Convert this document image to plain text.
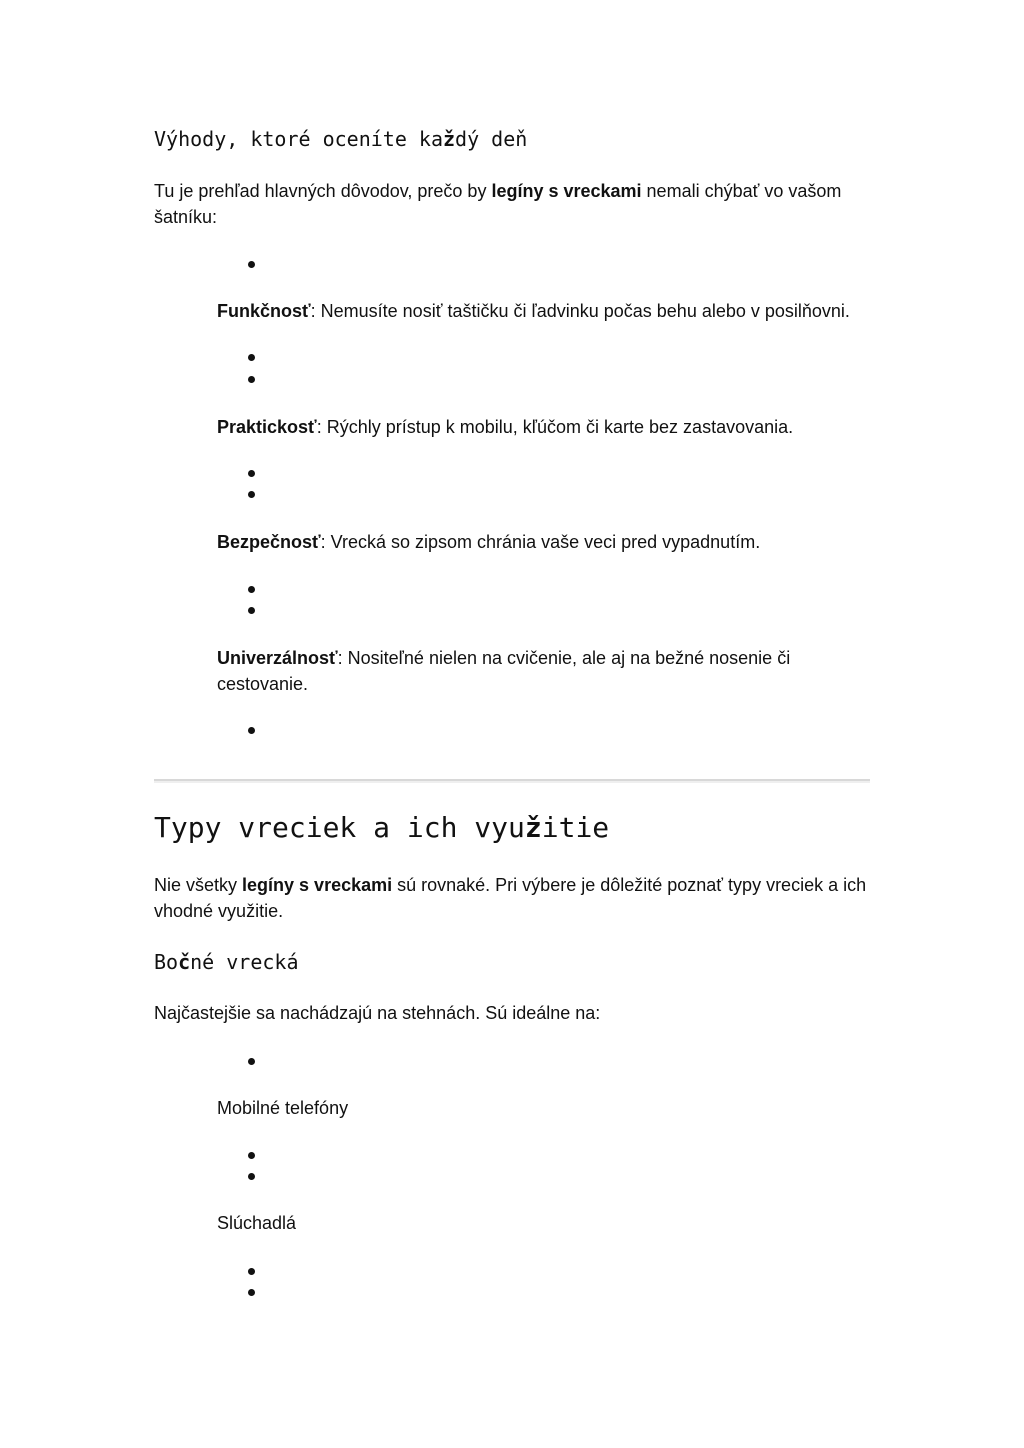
Výhody, ktoré oceníte každý deň

Tu je prehľad hlavných dôvodov, prečo by legíny s vreckami nemali chýbať vo vašom šatníku:

Funkčnosť: Nemusíte nosiť taštičku či ľadvinku počas behu alebo v posilňovni.

Praktickosť: Rýchly prístup k mobilu, kľúčom či karte bez zastavovania.

Bezpečnosť: Vrecká so zipsom chránia vaše veci pred vypadnutím.

Univerzálnosť: Nositeľné nielen na cvičenie, ale aj na bežné nosenie či cestovanie.

Typy vreciek a ich využitie

Nie všetky legíny s vreckami sú rovnaké. Pri výbere je dôležité poznať typy vreciek a ich vhodné využitie.

Bočné vrecká

Najčastejšie sa nachádzajú na stehnách. Sú ideálne na:

Mobilné telefóny

Slúchadlá
